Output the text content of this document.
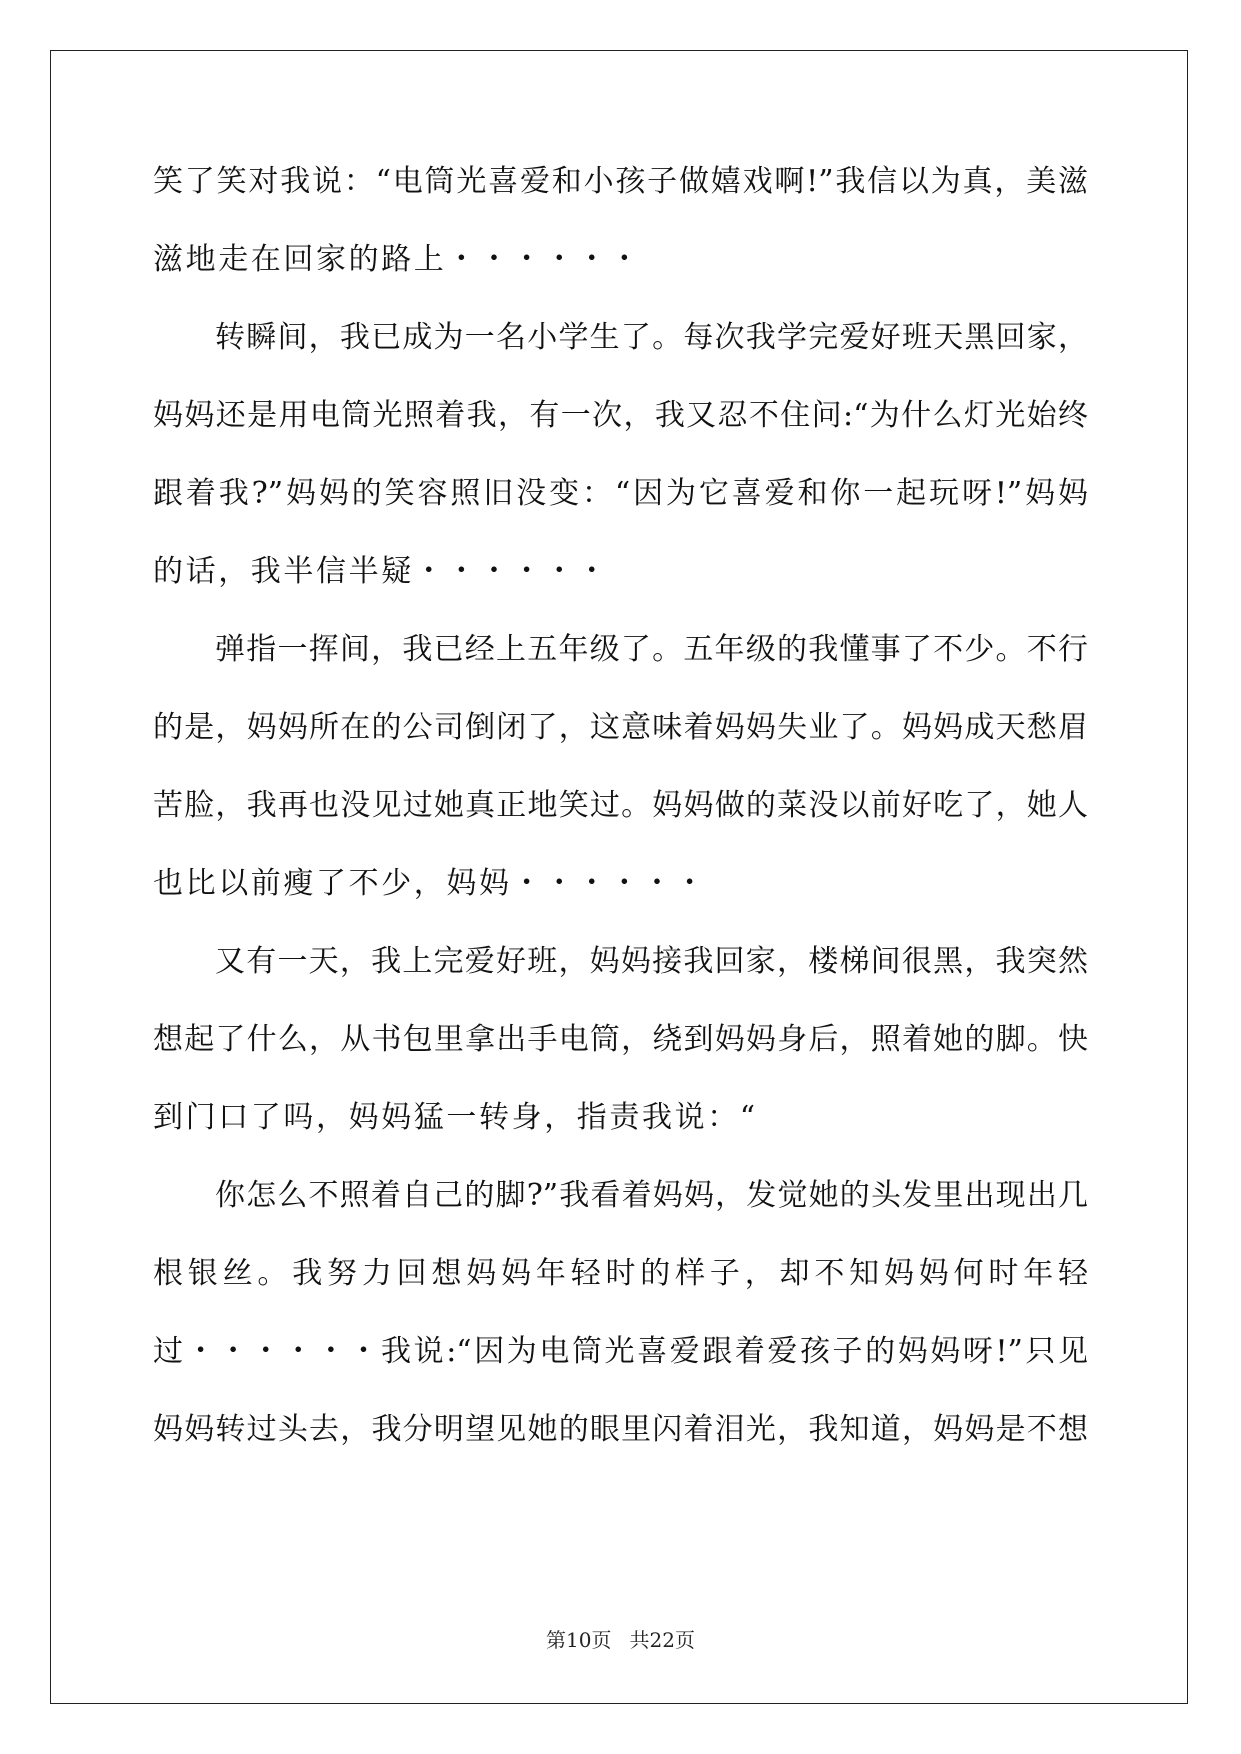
笑了笑对我说：“电筒光喜爱和小孩子做嬉戏啊!”我信以为真，美滋
滋地走在回家的路上・・・・・・
转瞬间，我已成为一名小学生了。每次我学完爱好班天黑回家，
妈妈还是用电筒光照着我，有一次，我又忍不住问:“为什么灯光始终
跟着我?”妈妈的笑容照旧没变：“因为它喜爱和你一起玩呀!”妈妈
的话，我半信半疑・・・・・・
弹指一挥间，我已经上五年级了。五年级的我懂事了不少。不行
的是，妈妈所在的公司倒闭了，这意味着妈妈失业了。妈妈成天愁眉
苦脸，我再也没见过她真正地笑过。妈妈做的菜没以前好吃了，她人
也比以前瘦了不少，妈妈・・・・・・
又有一天，我上完爱好班，妈妈接我回家，楼梯间很黑，我突然
想起了什么，从书包里拿出手电筒，绕到妈妈身后，照着她的脚。快
到门口了吗，妈妈猛一转身，指责我说：“
你怎么不照着自己的脚?”我看着妈妈，发觉她的头发里出现出几
根银丝。我努力回想妈妈年轻时的样子，却不知妈妈何时年轻
过・・・・・・我说:“因为电筒光喜爱跟着爱孩子的妈妈呀!”只见
妈妈转过头去，我分明望见她的眼里闪着泪光，我知道，妈妈是不想
第10页 共22页
